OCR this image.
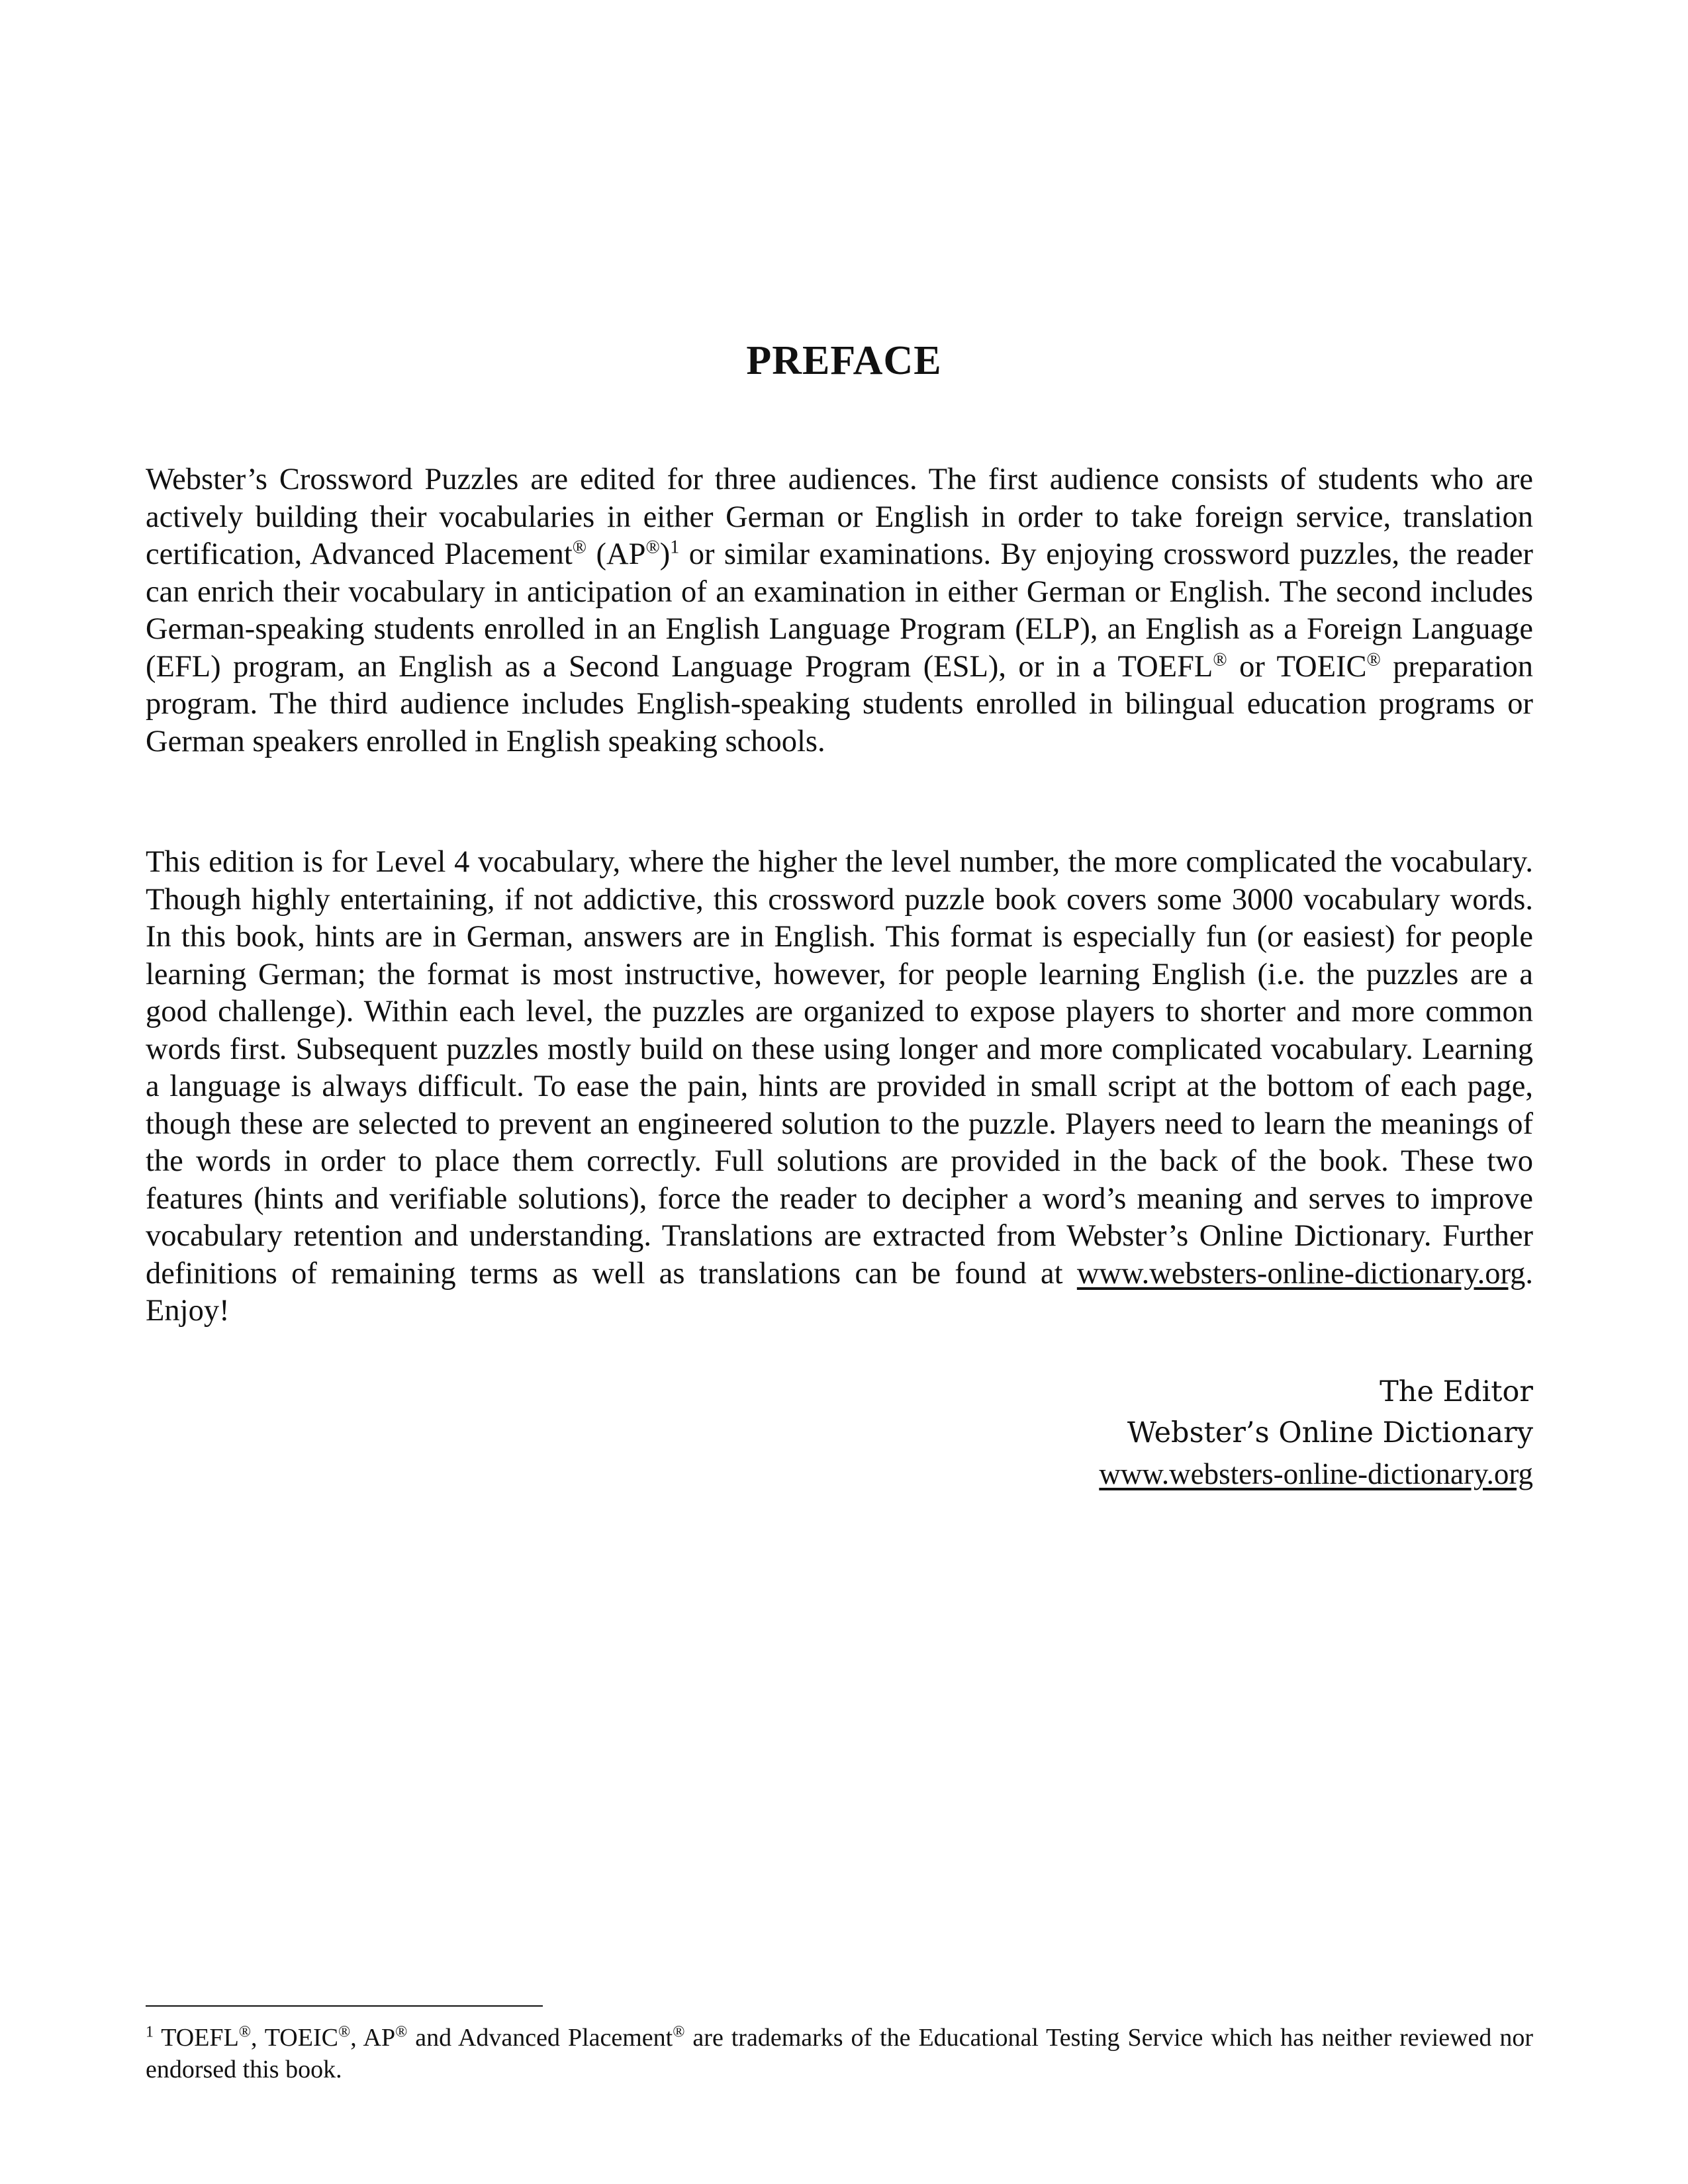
PREFACE

Webster’s Crossword Puzzles are edited for three audiences. The first audience consists of students who are actively building their vocabularies in either German or English in order to take foreign service, translation certification, Advanced Placement® $(AP®)^1$ or similar examinations. By enjoying crossword puzzles, the reader can enrich their vocabulary in anticipation of an examination in either German or English. The second includes German-speaking students enrolled in an English Language Program (ELP), an English as a Foreign Language (EFL) program, an English as a Second Language Program (ESL), or in a TOEFL® or TOEIC® preparation program. The third audience includes English-speaking students enrolled in bilingual education programs or German speakers enrolled in English speaking schools.

This edition is for Level 4 vocabulary, where the higher the level number, the more complicated the vocabulary. Though highly entertaining, if not addictive, this crossword puzzle book covers some 3000 vocabulary words. In this book, hints are in German, answers are in English. This format is especially fun (or easiest) for people learning German; the format is most instructive, however, for people learning English (i.e. the puzzles are a good challenge). Within each level, the puzzles are organized to expose players to shorter and more common words first. Subsequent puzzles mostly build on these using longer and more complicated vocabulary. Learning a language is always difficult. To ease the pain, hints are provided in small script at the bottom of each page, though these are selected to prevent an engineered solution to the puzzle. Players need to learn the meanings of the words in order to place them correctly. Full solutions are provided in the back of the book. These two features (hints and verifiable solutions), force the reader to decipher a word’s meaning and serves to improve vocabulary retention and understanding. Translations are extracted from Webster’s Online Dictionary. Further definitions of remaining terms as well as translations can be found at www.websters-online-dictionary.org. Enjoy!

The Editor
Webster’s Online Dictionary
www.websters-online-dictionary.org

$^1$ TOEFL®, TOEIC®, AP® and Advanced Placement® are trademarks of the Educational Testing Service which has neither reviewed nor endorsed this book.
